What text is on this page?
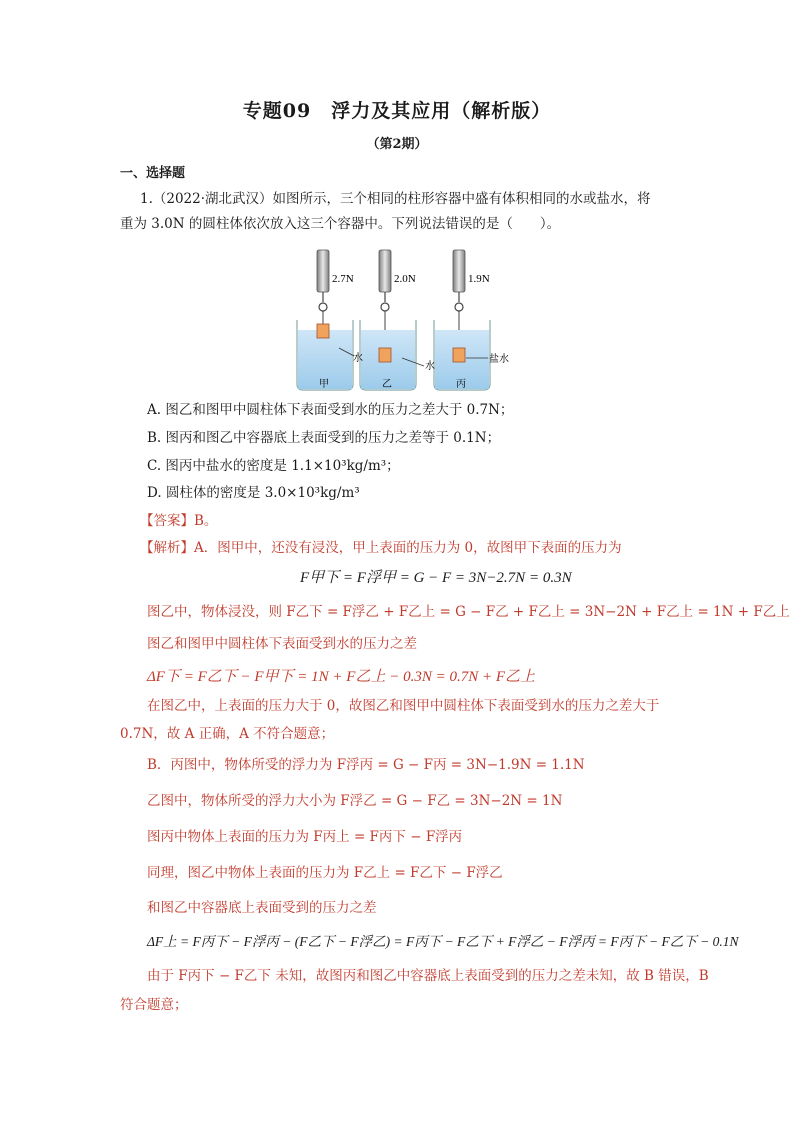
专题09　浮力及其应用（解析版）
（第2期）
一、选择题
1.（2022·湖北武汉）如图所示，三个相同的柱形容器中盛有体积相同的水或盐水，将
重为 3.0N 的圆柱体依次放入这三个容器中。下列说法错误的是（　　）。
2.7N	2.0N	1.9N
水
水
盐水
甲	乙	丙
A. 图乙和图甲中圆柱体下表面受到水的压力之差大于 0.7N；
B. 图丙和图乙中容器底上表面受到的压力之差等于 0.1N；
C. 图丙中盐水的密度是 1.1×10³kg/m³；
D. 圆柱体的密度是 3.0×10³kg/m³
【答案】B。
【解析】A．图甲中，还没有浸没，甲上表面的压力为 0，故图甲下表面的压力为
F甲下 = F浮甲 = G − F = 3N−2.7N = 0.3N
图乙中，物体浸没，则 F乙下 = F浮乙 + F乙上 = G − F乙 + F乙上 = 3N−2N + F乙上 = 1N + F乙上
图乙和图甲中圆柱体下表面受到水的压力之差
ΔF下 = F乙下 − F甲下 = 1N + F乙上 − 0.3N = 0.7N + F乙上
在图乙中，上表面的压力大于 0，故图乙和图甲中圆柱体下表面受到水的压力之差大于
0.7N，故 A 正确，A 不符合题意；
B．丙图中，物体所受的浮力为 F浮丙 = G − F丙 = 3N−1.9N = 1.1N
乙图中，物体所受的浮力大小为 F浮乙 = G − F乙 = 3N−2N = 1N
图丙中物体上表面的压力为 F丙上 = F丙下 − F浮丙
同理，图乙中物体上表面的压力为 F乙上 = F乙下 − F浮乙
和图乙中容器底上表面受到的压力之差
ΔF上 = F丙下 − F浮丙 − (F乙下 − F浮乙) = F丙下 − F乙下 + F浮乙 − F浮丙 = F丙下 − F乙下 − 0.1N
由于 F丙下 − F乙下 未知，故图丙和图乙中容器底上表面受到的压力之差未知，故 B 错误，B
符合题意；
